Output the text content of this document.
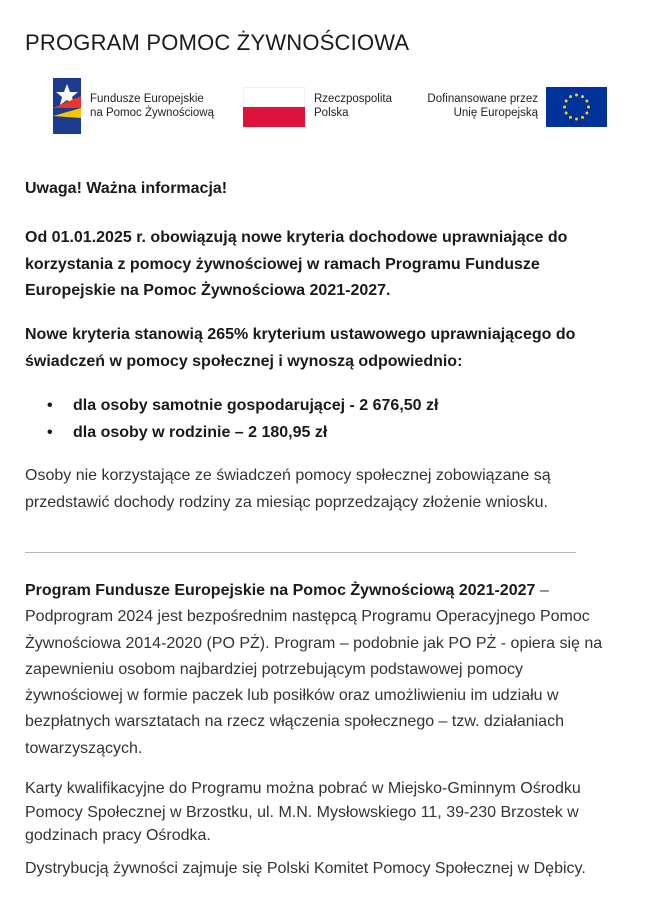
PROGRAM POMOC ŻYWNOŚCIOWA
Fundusze Europejskie
na Pomoc Żywnościową
Rzeczpospolita
Polska
Dofinansowane przez
Unię Europejską
Uwaga! Ważna informacja!
Od 01.01.2025 r. obowiązują nowe kryteria dochodowe uprawniające do korzystania z pomocy żywnościowej w ramach Programu Fundusze Europejskie na Pomoc Żywnościowa 2021-2027.
Nowe kryteria stanowią 265% kryterium ustawowego uprawniającego do świadczeń w pomocy społecznej i wynoszą odpowiednio:
• dla osoby samotnie gospodarującej - 2 676,50 zł
• dla osoby w rodzinie – 2 180,95 zł
Osoby nie korzystające ze świadczeń pomocy społecznej zobowiązane są przedstawić dochody rodziny za miesiąc poprzedzający złożenie wniosku.
Program Fundusze Europejskie na Pomoc Żywnościową 2021-2027 – Podprogram 2024 jest bezpośrednim następcą Programu Operacyjnego Pomoc Żywnościowa 2014-2020 (PO PŻ). Program – podobnie jak PO PŻ - opiera się na zapewnieniu osobom najbardziej potrzebującym podstawowej pomocy żywnościowej w formie paczek lub posiłków oraz umożliwieniu im udziału w bezpłatnych warsztatach na rzecz włączenia społecznego – tzw. działaniach towarzyszących.
Karty kwalifikacyjne do Programu można pobrać w Miejsko-Gminnym Ośrodku Pomocy Społecznej w Brzostku, ul. M.N. Mysłowskiego 11, 39-230 Brzostek w godzinach pracy Ośrodka.
Dystrybucją żywności zajmuje się Polski Komitet Pomocy Społecznej w Dębicy.
